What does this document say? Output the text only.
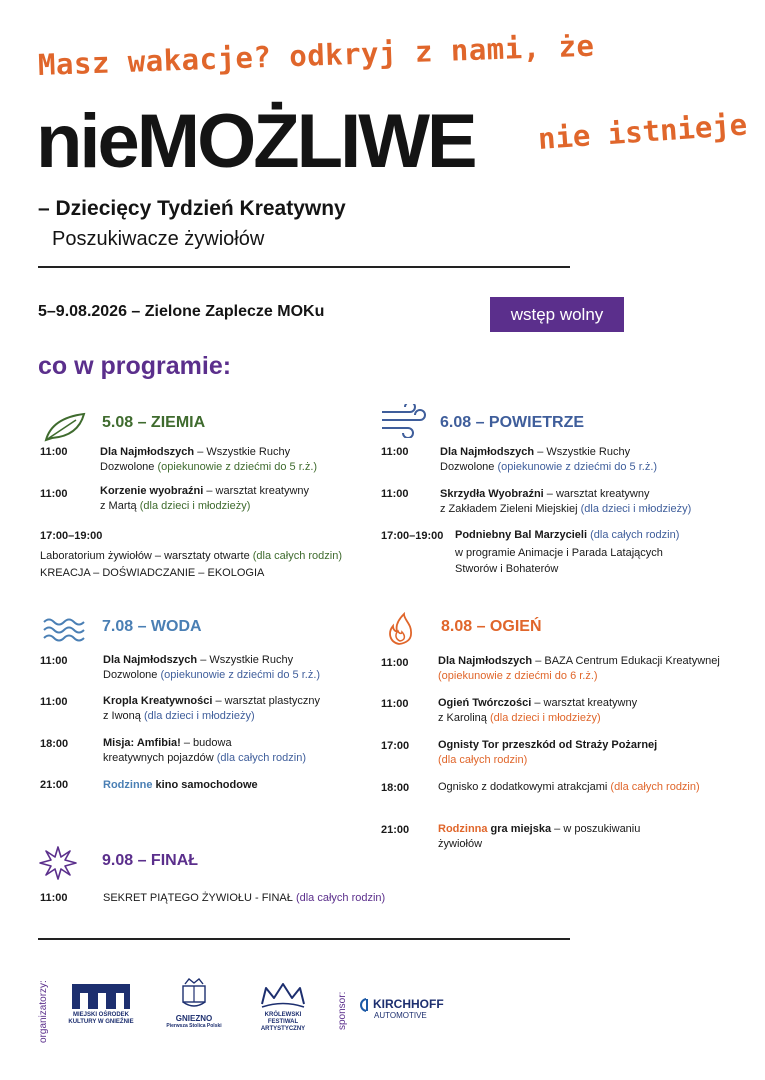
Masz wakacje? odkryj z nami, że
nieMOŻLIWE nie istnieje
– Dziecięcy Tydzień Kreatywny
Poszukiwacze żywiołów
5–9.08.2026 – Zielone Zaplecze MOKu	wstęp wolny
co w programie:
5.08 – ZIEMIA
11:00	Dla Najmłodszych – Wszystkie Ruchy
Dozwolone (opiekunowie z dziećmi do 5 r.ż.)
11:00	Korzenie wyobraźni – warsztat kreatywny
z Martą (dla dzieci i młodzieży)
17:00–19:00
Laboratorium żywiołów – warsztaty otwarte (dla całych rodzin)
KREACJA – DOŚWIADCZANIE – EKOLOGIA
6.08 – POWIETRZE
11:00	Dla Najmłodszych – Wszystkie Ruchy
Dozwolone (opiekunowie z dziećmi do 5 r.ż.)
11:00	Skrzydła Wyobraźni – warsztat kreatywny
z Zakładem Zieleni Miejskiej (dla dzieci i młodzieży)
17:00–19:00 Podniebny Bal Marzycieli (dla całych rodzin)
w programie Animacje i Parada Latających
Stworów i Bohaterów
7.08 – WODA
11:00	Dla Najmłodszych – Wszystkie Ruchy
Dozwolone (opiekunowie z dziećmi do 5 r.ż.)
11:00	Kropla Kreatywności – warsztat plastyczny
z Iwoną (dla dzieci i młodzieży)
18:00	Misja: Amfibia! – budowa
kreatywnych pojazdów (dla całych rodzin)
21:00	Rodzinne kino samochodowe
8.08 – OGIEŃ
11:00	Dla Najmłodszych – BAZA Centrum Edukacji Kreatywnej
(opiekunowie z dziećmi do 6 r.ż.)
11:00	Ogień Twórczości – warsztat kreatywny
z Karoliną (dla dzieci i młodzieży)
17:00	Ognisty Tor przeszkód od Straży Pożarnej
(dla całych rodzin)
18:00	Ognisko z dodatkowymi atrakcjami (dla całych rodzin)
21:00	Rodzinna gra miejska – w poszukiwaniu
żywiołów
9.08 – FINAŁ
11:00	SEKRET PIĄTEGO ŻYWIOŁU - FINAŁ (dla całych rodzin)
organizatorzy:	MIEJSKI OŚRODEK KULTURY W GNIEŹNIE	GNIEZNO
Pierwsza Stolica Polski
KRÓLEWSKI FESTIWAL ARTYSTYCZNY	sponsor: KIRCHHOFF
AUTOMOTIVE
